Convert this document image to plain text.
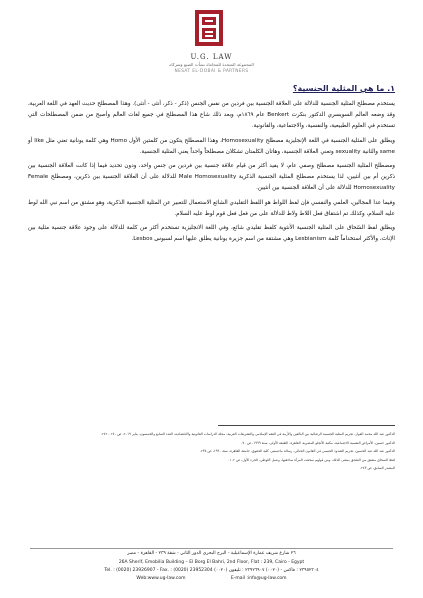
U.G. LAW
المجموعة المتحدة للمحاماة نشأت الضبع وشركاه
NESAT EL-DOBAI & PARTNERS
١. ما هي المثلية الجنسية؟

يستخدم مصطلح المثلية الجنسية للدلالة على العلاقة الجنسية بين فردين من نفس الجنس (ذكر - ذكر، أنثى - أنثى). وهذا المصطلح حديث العهد في اللغة العربية، وقد وضعه العالم السويسري الدكتور بنكرت Benkert عام ١٨٦٩م، وبعد ذلك شاع هذا المصطلح في جميع لغات العالم وأصبح من ضمن المصطلحات التي تستخدم في العلوم الطبيعية، والنفسية، والاجتماعية، والقانونية.

ويطلق على المثلية الجنسية في اللغة الإنجليزية مصطلح Homosexuality، وهذا المصطلح يتكون من كلمتين الأول Homo وهي كلمة يونانية تعني مثل like أو same والثانية sexuality وتعني العلاقة الجنسية، وهاتان الكلمتان تشكلان مصطلحاً واحداً يعني المثلية الجنسية.

ومصطلح المثلية الجنسية مصطلح وصفي عام، لا يفيد أكثر من قيام علاقة جنسية بين فردين من جنس واحد، ودون تحديد فيما إذا كانت العلاقة الجنسية بين ذكرين أم بين أنثيين، لذا يستخدم مصطلح المثلية الجنسية الذكرية Male Homosexuality للدلالة على أن العلاقة الجنسية بين ذكرين، ومصطلح Female Homosexuality للدلالة على أن العلاقة الجنسية بين أنثيين.

وفيما عدا المجالين، العلمي والنفسي فإن لفظ اللواط هو اللفظ التقليدي الشائع الاستعمال للتعبير عن المثلية الجنسية الذكرية، وهو مشتق من اسم نبي الله لوط عليه السلام، وكذلك تم اشتقاق فعل اللاط ولاط للدلالة على من فعل فعل قوم لوط عليه السلام.

ويطلق لفظ السّحاق على المثلية الجنسية الأنثوية كلفظ تقليدي شائع، وفي اللغة الانجليزية تستخدم أكثر من كلمة للدلالة على وجود علاقة جنسية مثلية بين الإناث، والأكثر استخداماً كلمة Lesbianism وهي مشتقة من اسم جزيرة يونانية يطلق عليها اسم لسبوس Lesbos.

الدكتور عبد الله محمد الفواز، تجريم المثلية الجنسية الرضائية بين البالغين والأزمة في الفقه الإسلامي والتشريعات العربية، مجلة الدراسات القانونية والاقتصادية، العدد السابع والخمسون، يناير ٢٠١٩، ص ٢٤٠ - ٢٤٢.

الدكتور حسين، الأمراض النفسية الاجتماعية، مكتبة الأنجلو المصرية، القاهرة، الطبعة الأولى، سنة ١٩٩٩، ص ٧٠.

الدكتور عبد الله عبد الحسين، تجريم الشذوذ الجنسي في القانون الجنائي، رسالة ماجستير، كلية الحقوق، جامعة القاهرة، سنة ١٩٩٠، ص ٢٣٨.

لفظ السحاق مشتق من السّحق بمعنى الدلك، ومن قولهم سحقت المرأة ساحقتها، وعمل اللوطي، الجزء الأول، ص ١٠٢.

المصدر السابق، ص ٢٤٣.

٢٦ شارع شريف عمارة الإسماعيلية - البرج البحري الدور الثاني - شقة ٢٣٩ - القاهرة - مصر
26A Sherif, Emobilia Building – El Borg El Bahri, 2nd Floor, Flat : 239, Cairo - Egypt
Tel. : (0020) 23926907 - Fax. : (0020) 23952304 (٠٠٢٠) ٢٣٩٥٢٣٠٤ : فاكس - (٠٠٢٠) ٢٣٩٢٦٩٠٧ : تليفون
Web:www.ug-law.com	E-mail :info@ug-law.com
